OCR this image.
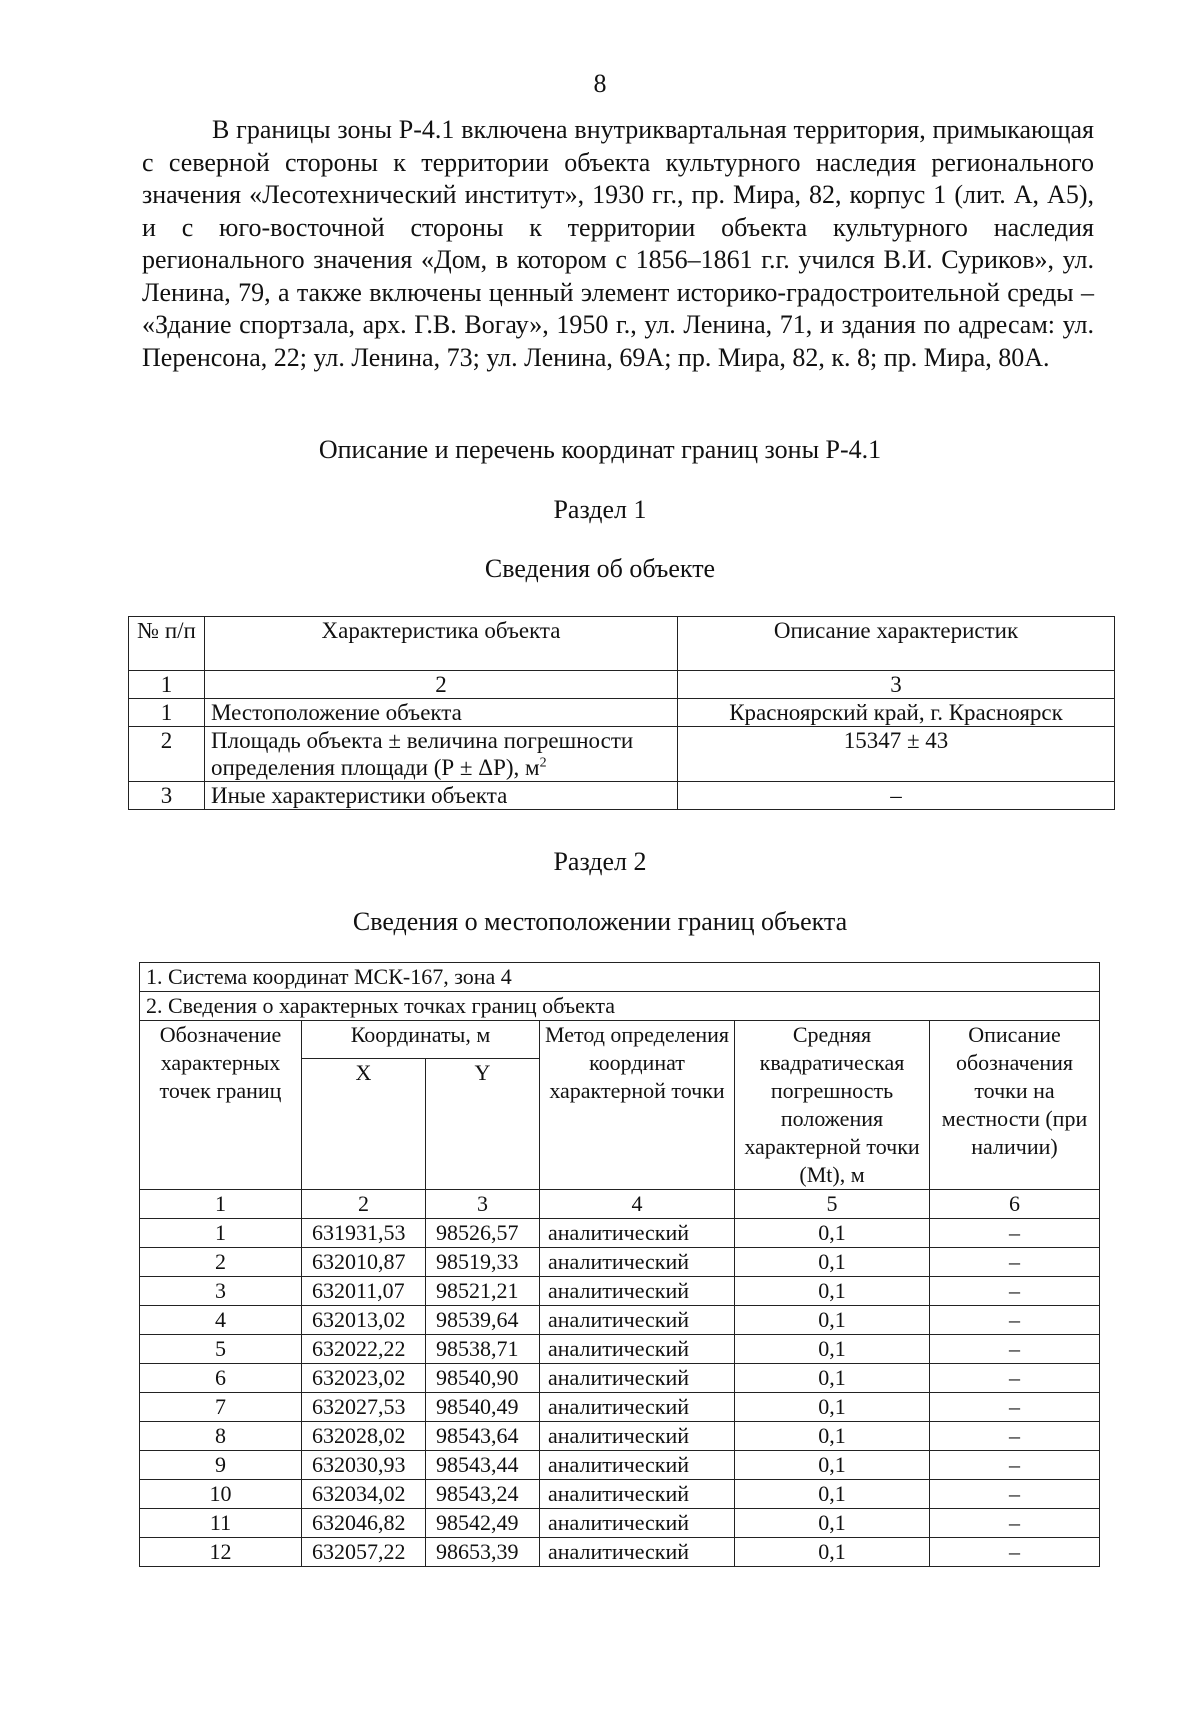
8

В границы зоны Р-4.1 включена внутриквартальная территория, примыкающая с северной стороны к территории объекта культурного наследия регионального значения «Лесотехнический институт», 1930 гг., пр. Мира, 82, корпус 1 (лит. А, А5), и с юго-восточной стороны к территории объекта культурного наследия регионального значения «Дом, в котором с 1856–1861 г.г. учился В.И. Суриков», ул. Ленина, 79, а также включены ценный элемент историко-градостроительной среды – «Здание спортзала, арх. Г.В. Вогау», 1950 г., ул. Ленина, 71, и здания по адресам: ул. Перенсона, 22; ул. Ленина, 73; ул. Ленина, 69А; пр. Мира, 82, к. 8; пр. Мира, 80А.

Описание и перечень координат границ зоны Р-4.1
Раздел 1
Сведения об объекте
№ п/п	Характеристика объекта	Описание характеристик
1	2	3
1	Местоположение объекта	Красноярский край, г. Красноярск
2	Площадь объекта ± величина погрешности определения площади (Р ± ΔР), $м^2$	15347 ± 43
3	Иные характеристики объекта	–
Раздел 2
Сведения о местоположении границ объекта
1. Система координат МСК-167, зона 4					
2. Сведения о характерных точках границ объекта					
Обозначение характерных точек границ	Координаты, м		Метод определения координат характерной точки	Средняя квадратическая погрешность положения характерной точки (Mt), м	Описание обозначения точки на местности (при наличии)
	X	Y			
1	2	3	4	5	6
1	631931,53	98526,57	аналитический	0,1	–
2	632010,87	98519,33	аналитический	0,1	–
3	632011,07	98521,21	аналитический	0,1	–
4	632013,02	98539,64	аналитический	0,1	–
5	632022,22	98538,71	аналитический	0,1	–
6	632023,02	98540,90	аналитический	0,1	–
7	632027,53	98540,49	аналитический	0,1	–
8	632028,02	98543,64	аналитический	0,1	–
9	632030,93	98543,44	аналитический	0,1	–
10	632034,02	98543,24	аналитический	0,1	–
11	632046,82	98542,49	аналитический	0,1	–
12	632057,22	98653,39	аналитический	0,1	–
